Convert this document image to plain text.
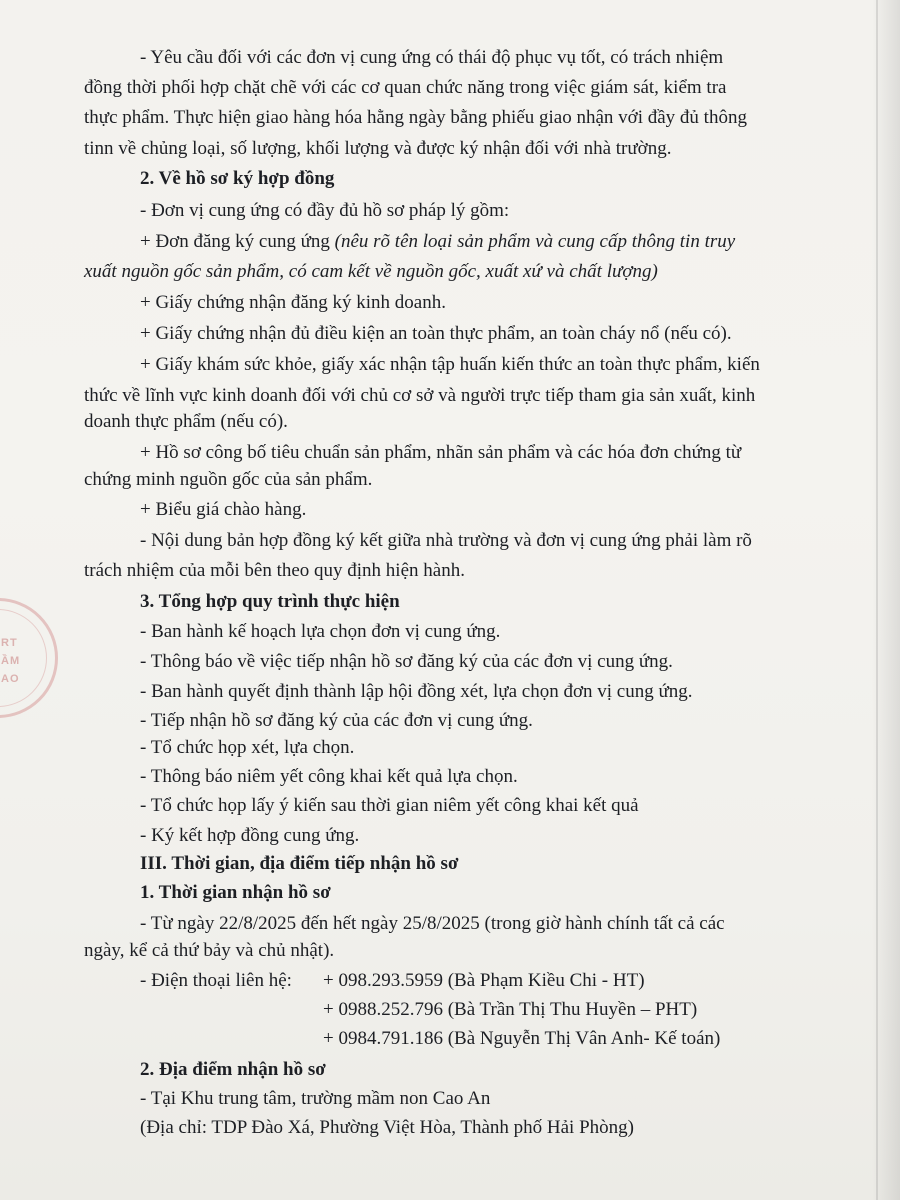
RT
ẦM
AO
- Yêu cầu đối với các đơn vị cung ứng có thái độ phục vụ tốt, có trách nhiệm
đồng thời phối hợp chặt chẽ với các cơ quan chức năng trong việc giám sát, kiểm tra
thực phẩm. Thực hiện giao hàng hóa hằng ngày bằng phiếu giao nhận với đầy đủ thông
tinn về chủng loại, số lượng, khối lượng và được ký nhận đối với nhà trường.
2. Về hồ sơ ký hợp đồng
- Đơn vị cung ứng có đầy đủ hồ sơ pháp lý gồm:
+ Đơn đăng ký cung ứng (nêu rõ tên loại sản phẩm và cung cấp thông tin truy
xuất nguồn gốc sản phẩm, có cam kết về nguồn gốc, xuất xứ và chất lượng)
+ Giấy chứng nhận đăng ký kinh doanh.
+ Giấy chứng nhận đủ điều kiện an toàn thực phẩm, an toàn cháy nổ (nếu có).
+ Giấy khám sức khỏe, giấy xác nhận tập huấn kiến thức an toàn thực phẩm, kiến
thức về lĩnh vực kinh doanh đối với chủ cơ sở và người trực tiếp tham gia sản xuất, kinh
doanh thực phẩm (nếu có).
+ Hồ sơ công bố tiêu chuẩn sản phẩm, nhãn sản phẩm và các hóa đơn chứng từ
chứng minh nguồn gốc của sản phẩm.
+ Biểu giá chào hàng.
- Nội dung bản hợp đồng ký kết giữa nhà trường và đơn vị cung ứng phải làm rõ
trách nhiệm của mỗi bên theo quy định hiện hành.
3. Tổng hợp quy trình thực hiện
- Ban hành kế hoạch lựa chọn đơn vị cung ứng.
- Thông báo về việc tiếp nhận hồ sơ đăng ký của các đơn vị cung ứng.
- Ban hành quyết định thành lập hội đồng xét, lựa chọn đơn vị cung ứng.
- Tiếp nhận hồ sơ đăng ký của các đơn vị cung ứng.
- Tổ chức họp xét, lựa chọn.
- Thông báo niêm yết công khai kết quả lựa chọn.
- Tổ chức họp lấy ý kiến sau thời gian niêm yết công khai kết quả
- Ký kết hợp đồng cung ứng.
III. Thời gian, địa điểm tiếp nhận hồ sơ
1. Thời gian nhận hồ sơ
- Từ ngày 22/8/2025 đến hết ngày 25/8/2025 (trong giờ hành chính tất cả các
ngày, kể cả thứ bảy và chủ nhật).
- Điện thoại liên hệ: + 098.293.5959 (Bà Phạm Kiều Chi - HT)
+ 0988.252.796 (Bà Trần Thị Thu Huyền – PHT)
+ 0984.791.186 (Bà Nguyễn Thị Vân Anh- Kế toán)
2. Địa điểm nhận hồ sơ
- Tại Khu trung tâm, trường mầm non Cao An
(Địa chỉ: TDP Đào Xá, Phường Việt Hòa, Thành phố Hải Phòng)
